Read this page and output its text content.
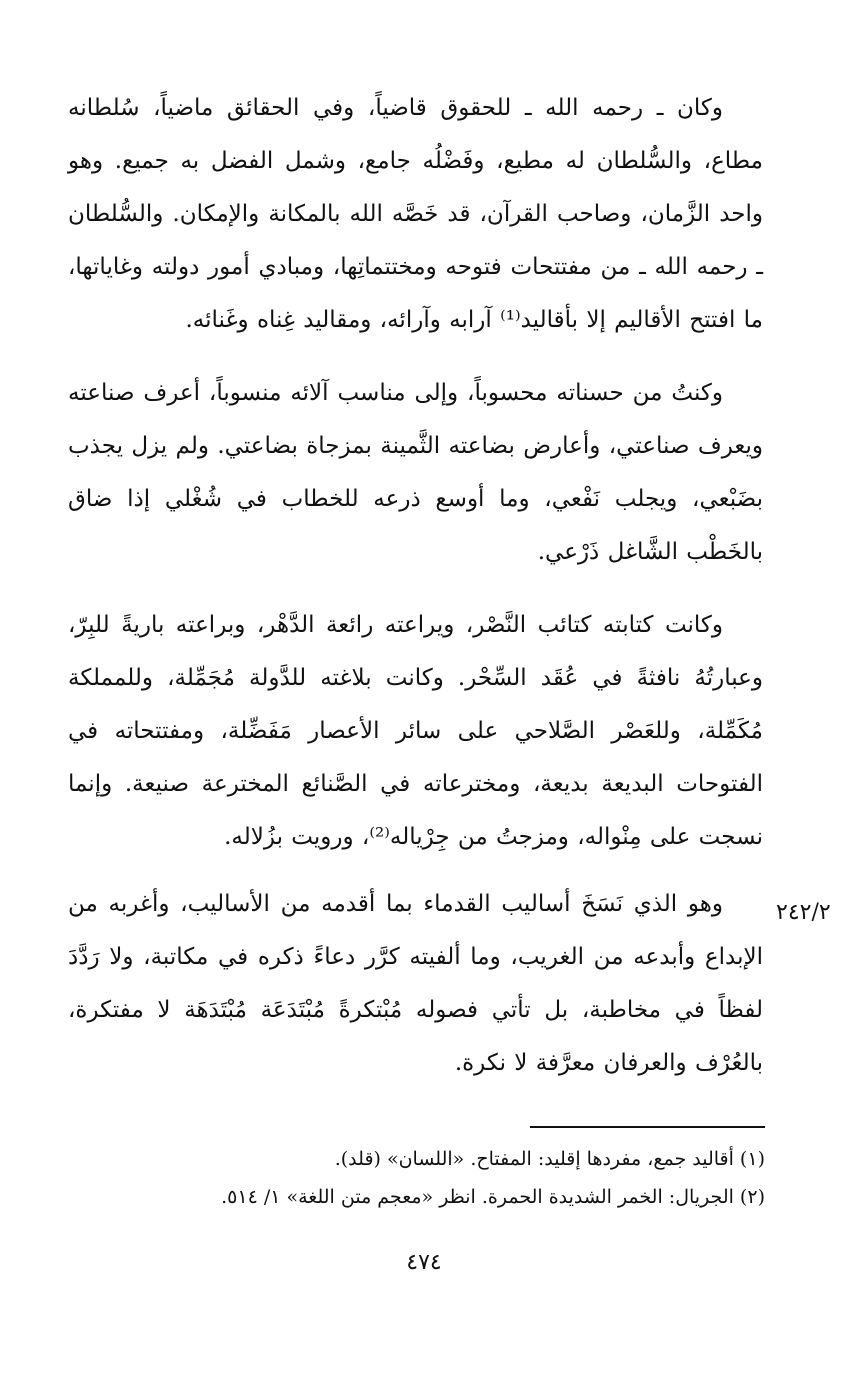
وكان ـ رحمه الله ـ للحقوق قاضياً، وفي الحقائق ماضياً، سُلطانه مطاع، والسُّلطان له مطيع، وفَضْلُه جامع، وشمل الفضل به جميع. وهو واحد الزَّمان، وصاحب القرآن، قد خَصَّه الله بالمكانة والإمكان. والسُّلطان ـ رحمه الله ـ من مفتتحات فتوحه ومختتماتِها، ومبادي أمور دولته وغاياتها، ما افتتح الأقاليم إلا بأقاليد⁽¹⁾ آرابه وآرائه، ومقاليد غِناه وغَنائه.

وكنتُ من حسناته محسوباً، وإلى مناسب آلائه منسوباً، أعرف صناعته ويعرف صناعتي، وأعارض بضاعته الثَّمينة بمزجاة بضاعتي. ولم يزل يجذب بضَبْعي، ويجلب نَفْعي، وما أوسع ذرعه للخطاب في شُغْلي إذا ضاق بالخَطْب الشَّاغل ذَرْعي.

وكانت كتابته كتائب النَّصْر، ويراعته رائعة الدَّهْر، وبراعته باريةً للبِرّ، وعبارتُهُ نافثةً في عُقَد السِّحْر. وكانت بلاغته للدَّولة مُجَمِّلة، وللمملكة مُكَمِّلة، وللعَصْر الصَّلاحي على سائر الأعصار مَفَضِّلة، ومفتتحاته في الفتوحات البديعة بديعة، ومخترعاته في الصَّنائع المخترعة صنيعة. وإنما نسجت على مِنْواله، ومزجتُ من جِرْياله⁽²⁾، ورويت بزُلاله.

وهو الذي نَسَخَ أساليب القدماء بما أقدمه من الأساليب، وأغربه من الإبداع وأبدعه من الغريب، وما ألفيته كرَّر دعاءً ذكره في مكاتبة، ولا رَدَّدَ لفظاً في مخاطبة، بل تأتي فصوله مُبْتكرةً مُبْتَدَعَة مُبْتَدَهَة لا مفتكرة، بالعُرْف والعرفان معرَّفة لا نكرة.

٢٤٢/٢

(١) أقاليد جمع، مفردها إقليد: المفتاح. «اللسان» (قلد).

(٢) الجريال: الخمر الشديدة الحمرة. انظر «معجم متن اللغة» ١/ ٥١٤.

٤٧٤
